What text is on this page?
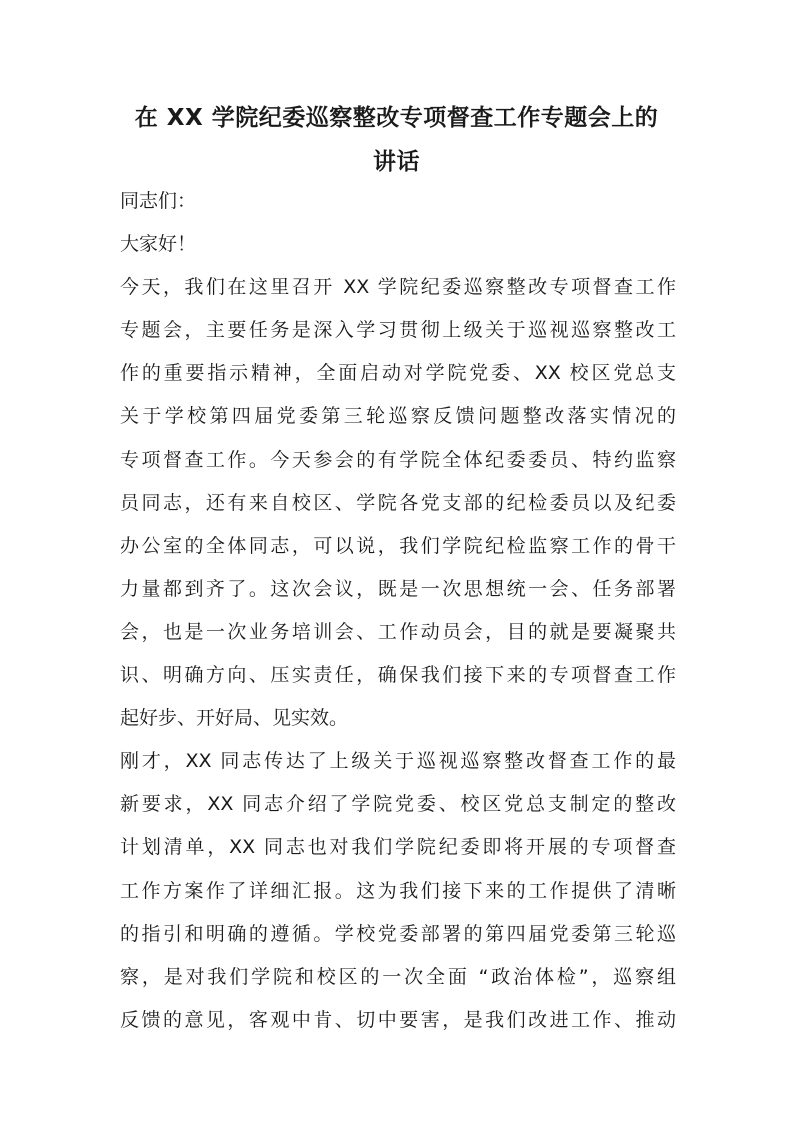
在 XX 学院纪委巡察整改专项督查工作专题会上的
讲话
同志们：
大家好！
今天，我们在这里召开 XX 学院纪委巡察整改专项督查工作
专题会，主要任务是深入学习贯彻上级关于巡视巡察整改工
作的重要指示精神，全面启动对学院党委、XX 校区党总支
关于学校第四届党委第三轮巡察反馈问题整改落实情况的
专项督查工作。今天参会的有学院全体纪委委员、特约监察
员同志，还有来自校区、学院各党支部的纪检委员以及纪委
办公室的全体同志，可以说，我们学院纪检监察工作的骨干
力量都到齐了。这次会议，既是一次思想统一会、任务部署
会，也是一次业务培训会、工作动员会，目的就是要凝聚共
识、明确方向、压实责任，确保我们接下来的专项督查工作
起好步、开好局、见实效。
刚才，XX 同志传达了上级关于巡视巡察整改督查工作的最
新要求，XX 同志介绍了学院党委、校区党总支制定的整改
计划清单，XX 同志也对我们学院纪委即将开展的专项督查
工作方案作了详细汇报。这为我们接下来的工作提供了清晰
的指引和明确的遵循。学校党委部署的第四届党委第三轮巡
察，是对我们学院和校区的一次全面 “政治体检”，巡察组
反馈的意见，客观中肯、切中要害，是我们改进工作、推动
